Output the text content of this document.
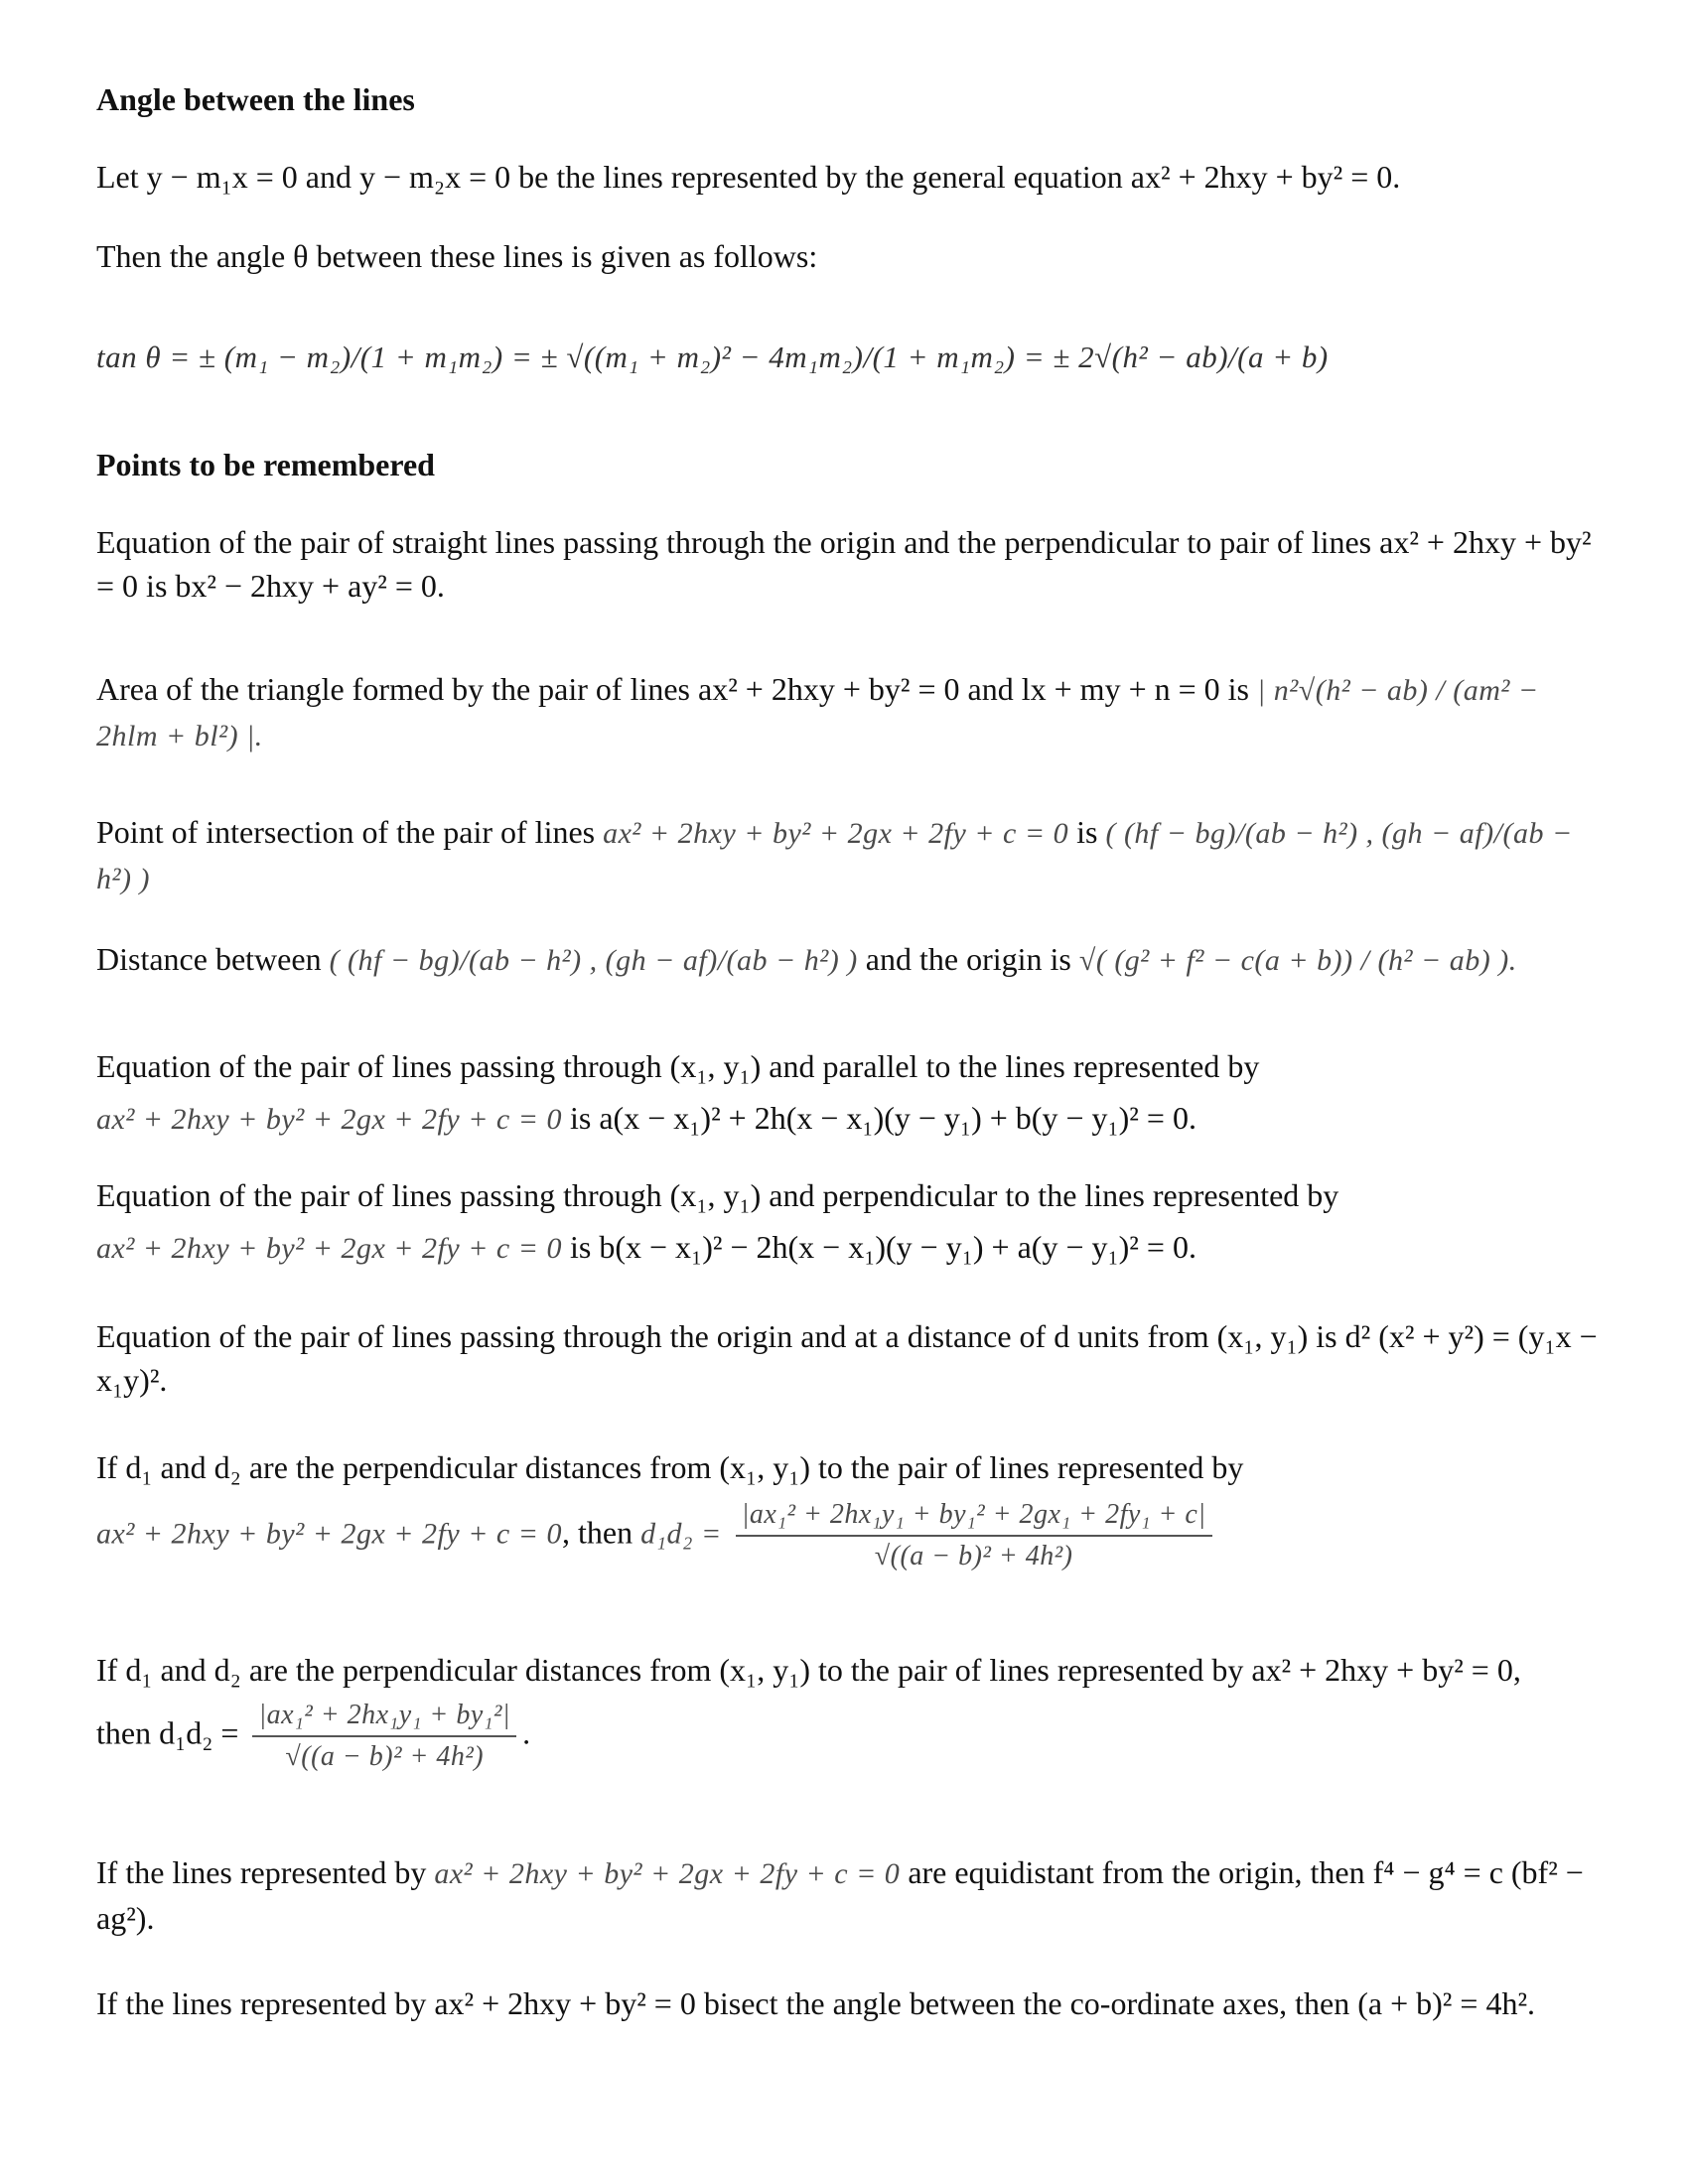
Angle between the lines
Let y − m₁x = 0 and y − m₂x = 0 be the lines represented by the general equation ax² + 2hxy + by² = 0.
Then the angle θ between these lines is given as follows:
tan θ = ± (m₁ − m₂)/(1 + m₁m₂) = ± √((m₁ + m₂)² − 4m₁m₂)/(1 + m₁m₂) = ± 2√(h² − ab)/(a + b)
Points to be remembered
Equation of the pair of straight lines passing through the origin and the perpendicular to pair of lines ax² + 2hxy + by² = 0 is bx² − 2hxy + ay² = 0.
Area of the triangle formed by the pair of lines ax² + 2hxy + by² = 0 and lx + my + n = 0 is | n²√(h² − ab) / (am² − 2hlm + bl²) |.
Point of intersection of the pair of lines ax² + 2hxy + by² + 2gx + 2fy + c = 0 is ( (hf − bg)/(ab − h²) , (gh − af)/(ab − h²) )
Distance between ( (hf − bg)/(ab − h²) , (gh − af)/(ab − h²) ) and the origin is √( (g² + f² − c(a + b)) / (h² − ab) ).
Equation of the pair of lines passing through (x₁, y₁) and parallel to the lines represented by
ax² + 2hxy + by² + 2gx + 2fy + c = 0 is a(x − x₁)² + 2h(x − x₁)(y − y₁) + b(y − y₁)² = 0.
Equation of the pair of lines passing through (x₁, y₁) and perpendicular to the lines represented by
ax² + 2hxy + by² + 2gx + 2fy + c = 0 is b(x − x₁)² − 2h(x − x₁)(y − y₁) + a(y − y₁)² = 0.
Equation of the pair of lines passing through the origin and at a distance of d units from (x₁, y₁) is d² (x² + y²) = (y₁x − x₁y)².
If d₁ and d₂ are the perpendicular distances from (x₁, y₁) to the pair of lines represented by
ax² + 2hxy + by² + 2gx + 2fy + c = 0, then $d_1d_2 = \frac{\text{|ax₁² + 2hx₁y₁ + by₁² + 2gx₁ + 2fy₁ + c|}}{\text{√((a − b)² + 4h²)}}$
If d₁ and d₂ are the perpendicular distances from (x₁, y₁) to the pair of lines represented by ax² + 2hxy + by² = 0,
then $d_1d_2 = \frac{\text{|ax₁² + 2hx₁y₁ + by₁²|}}{\text{√((a − b)² + 4h²)}}$ .
If the lines represented by ax² + 2hxy + by² + 2gx + 2fy + c = 0 are equidistant from the origin, then f⁴ − g⁴ = c (bf² − ag²).
If the lines represented by ax² + 2hxy + by² = 0 bisect the angle between the co-ordinate axes, then (a + b)² = 4h².
